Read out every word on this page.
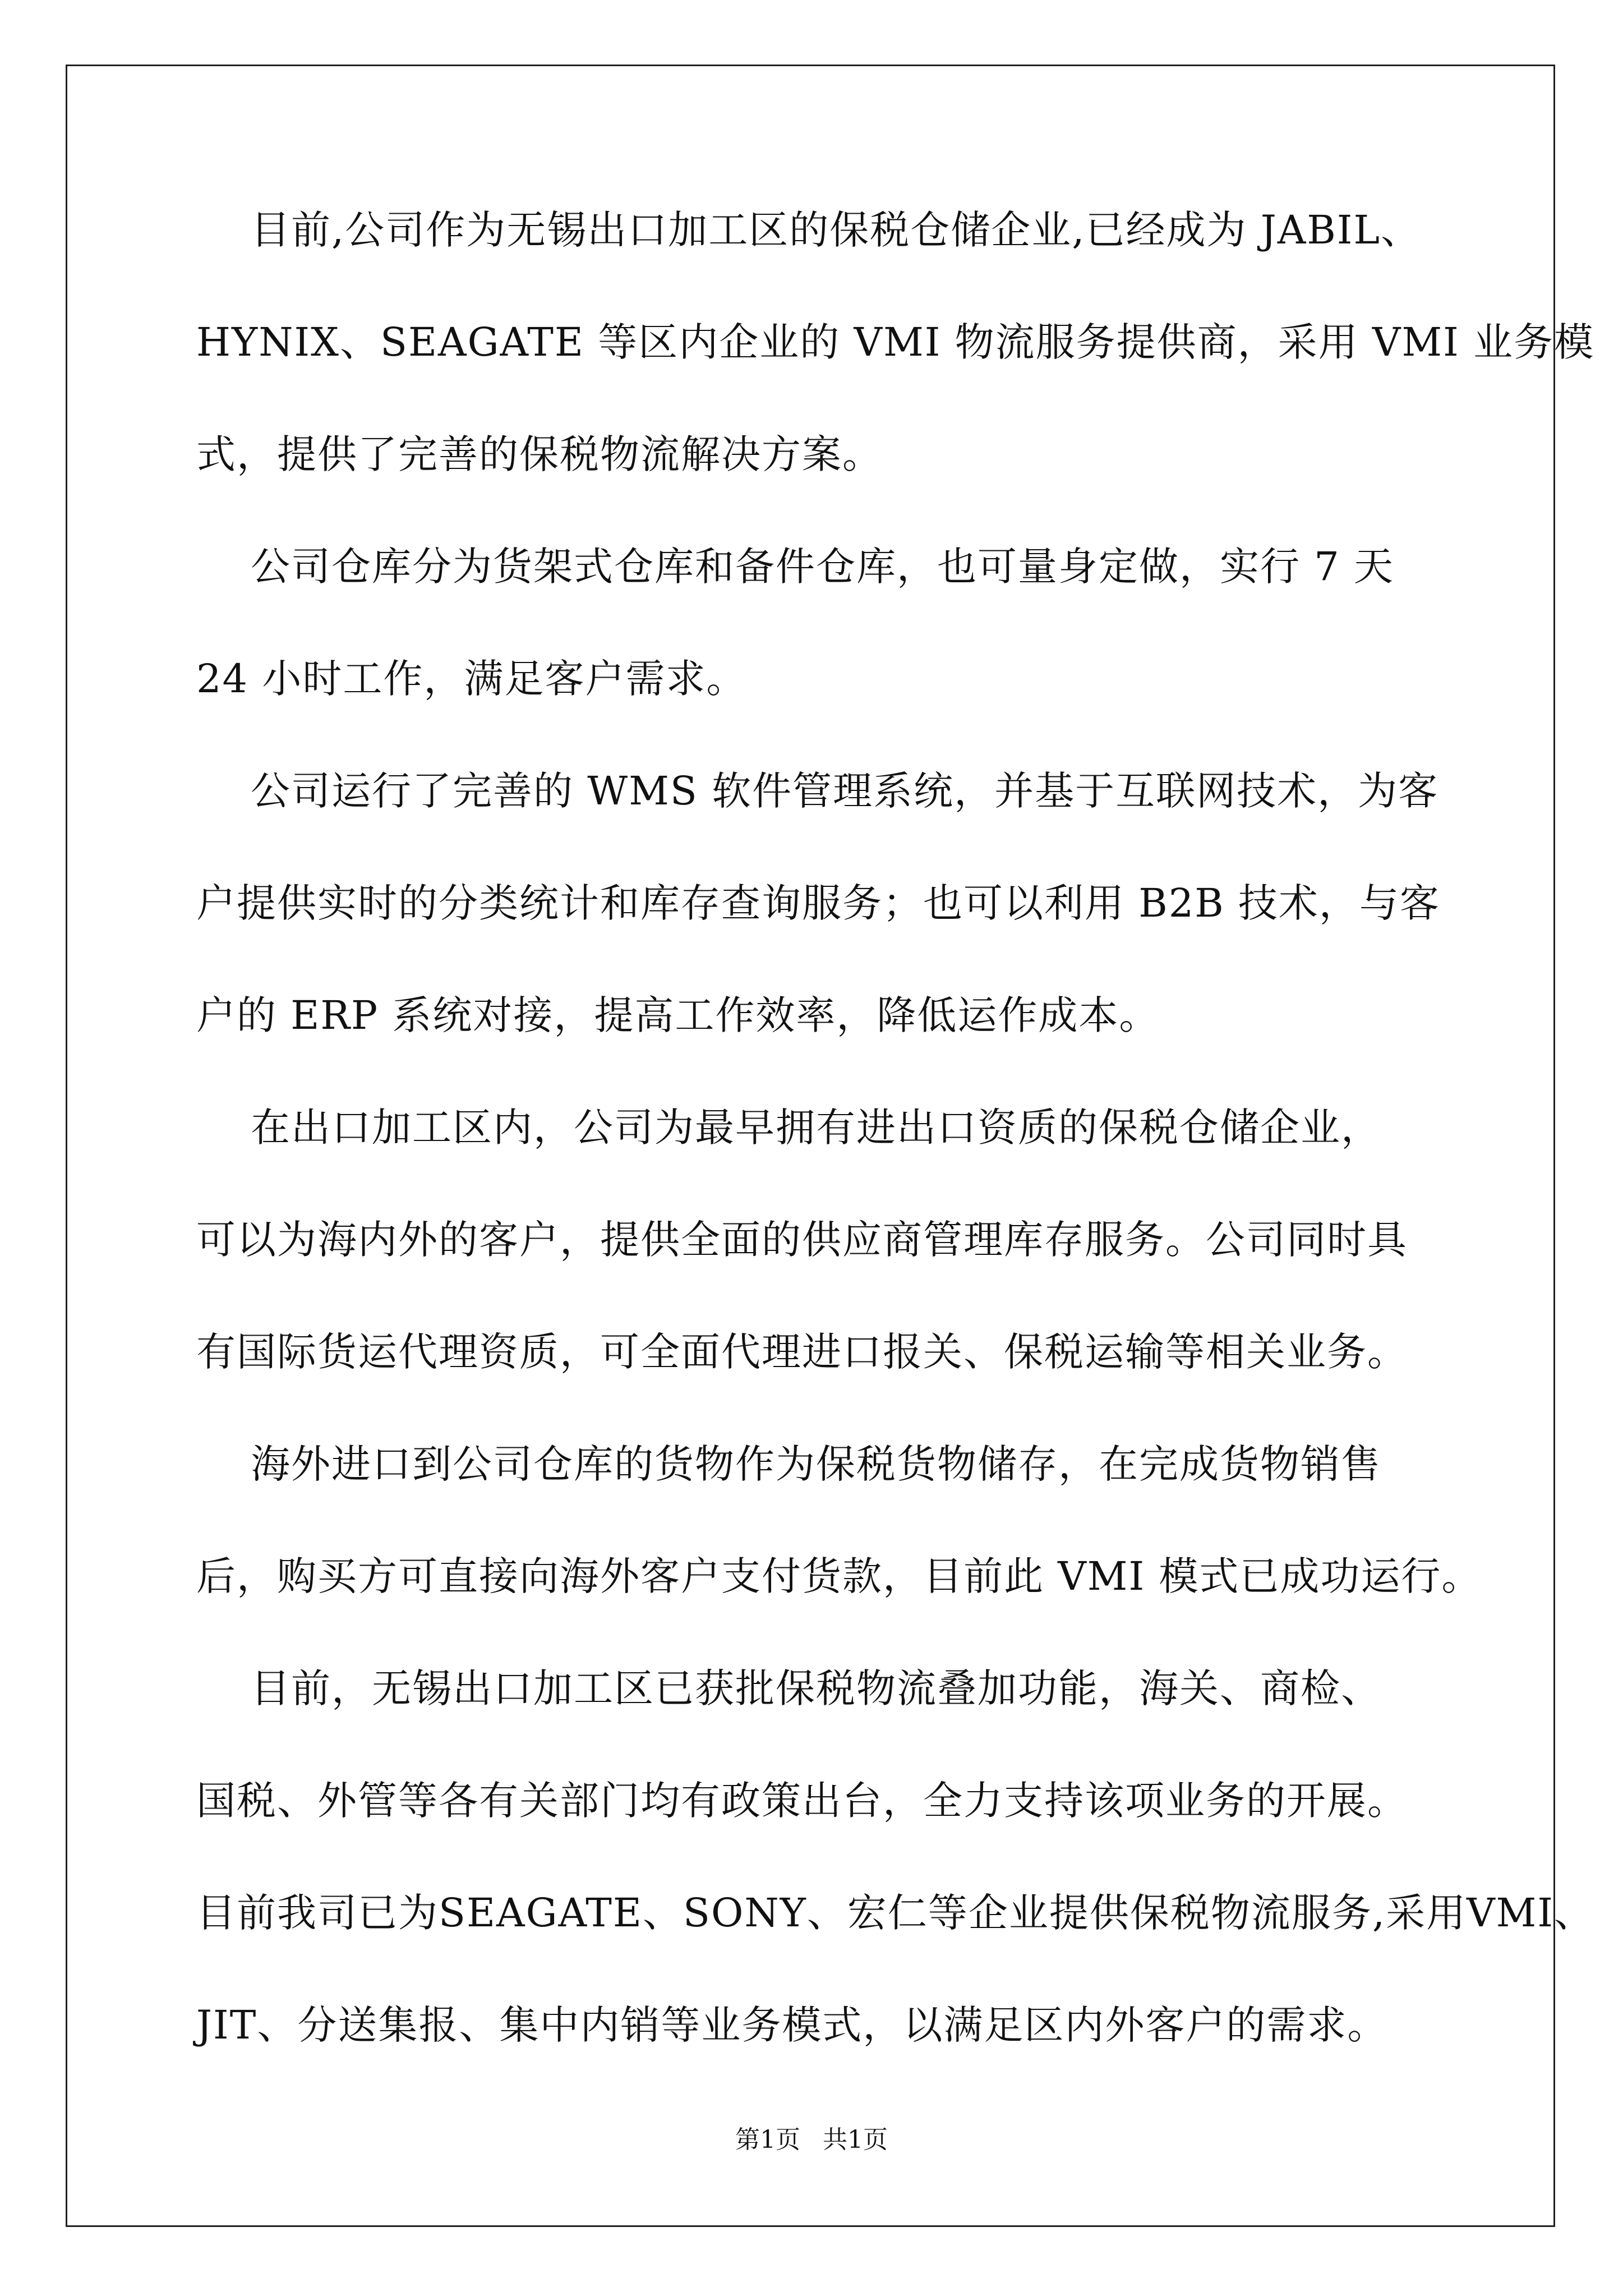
目前,公司作为无锡出口加工区的保税仓储企业,已经成为 JABIL、
HYNIX、SEAGATE 等区内企业的 VMI 物流服务提供商，采用 VMI 业务模
式，提供了完善的保税物流解决方案。
公司仓库分为货架式仓库和备件仓库，也可量身定做，实行 7 天
24 小时工作，满足客户需求。
公司运行了完善的 WMS 软件管理系统，并基于互联网技术，为客
户提供实时的分类统计和库存查询服务；也可以利用 B2B 技术，与客
户的 ERP 系统对接，提高工作效率，降低运作成本。
在出口加工区内，公司为最早拥有进出口资质的保税仓储企业，
可以为海内外的客户，提供全面的供应商管理库存服务。公司同时具
有国际货运代理资质，可全面代理进口报关、保税运输等相关业务。
海外进口到公司仓库的货物作为保税货物储存，在完成货物销售
后，购买方可直接向海外客户支付货款，目前此 VMI 模式已成功运行。
目前，无锡出口加工区已获批保税物流叠加功能，海关、商检、
国税、外管等各有关部门均有政策出台，全力支持该项业务的开展。
目前我司已为SEAGATE、SONY、宏仁等企业提供保税物流服务,采用VMI、
JIT、分送集报、集中内销等业务模式，以满足区内外客户的需求。
第1页 共1页
